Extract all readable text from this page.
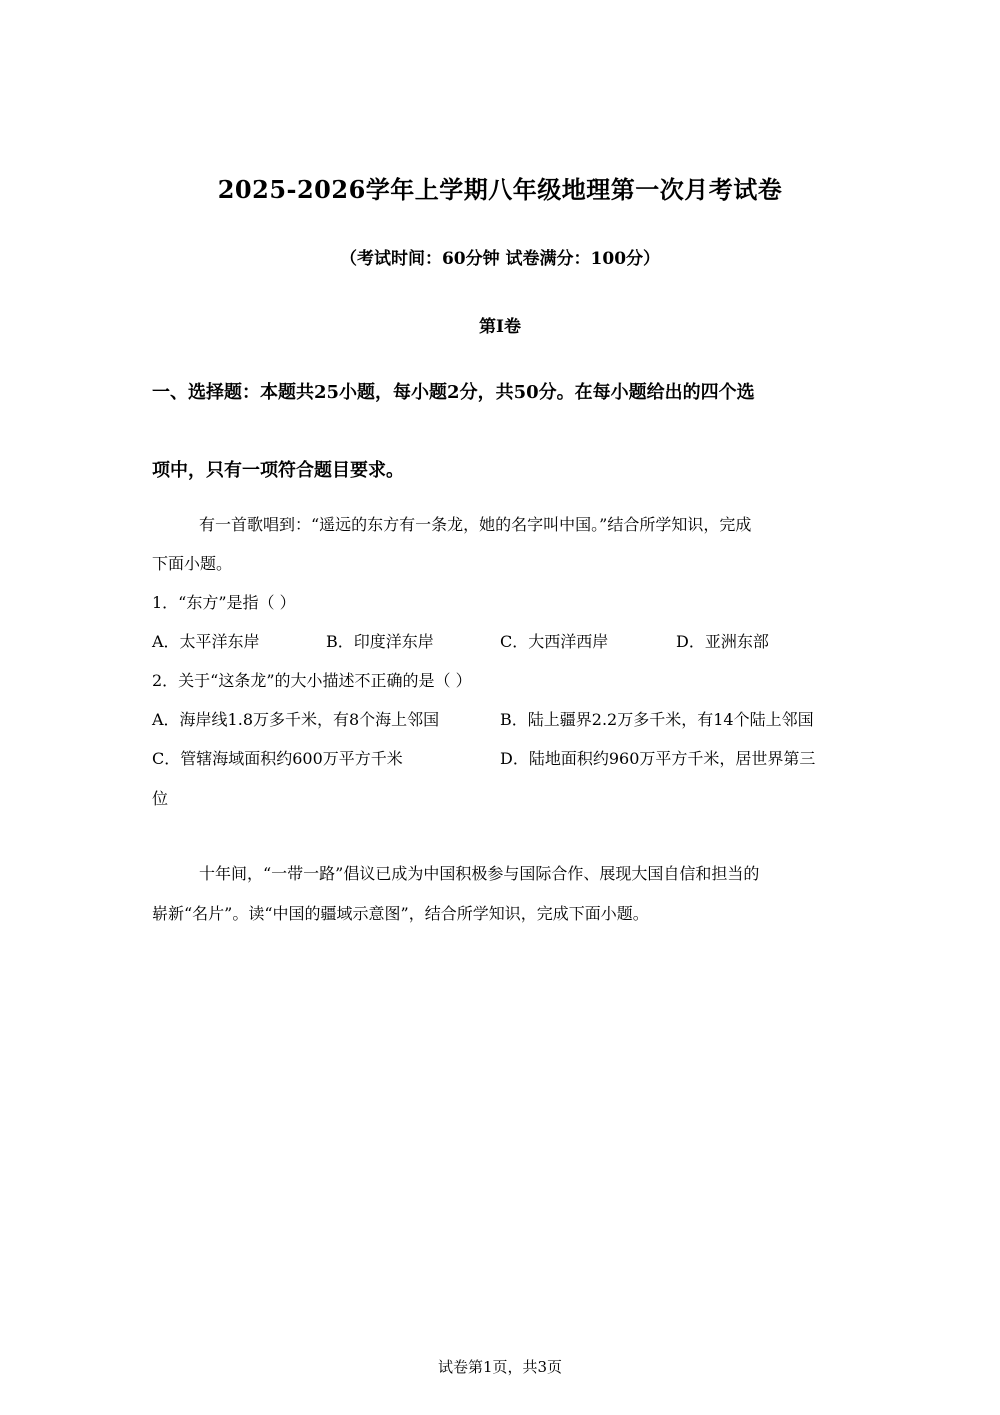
2025-2026学年上学期八年级地理第一次月考试卷
（考试时间：60分钟 试卷满分：100分）
第I卷
一、选择题：本题共25小题，每小题2分，共50分。在每小题给出的四个选
项中，只有一项符合题目要求。
有一首歌唱到：“遥远的东方有一条龙，她的名字叫中国。”结合所学知识，完成
下面小题。
1．“东方”是指（ ）
A．太平洋东岸	B．印度洋东岸	C．大西洋西岸	D．亚洲东部
2．关于“这条龙”的大小描述不正确的是（ ）
A．海岸线1.8万多千米，有8个海上邻国	B．陆上疆界2.2万多千米，有14个陆上邻国
C．管辖海域面积约600万平方千米	D．陆地面积约960万平方千米，居世界第三
位
十年间，“一带一路”倡议已成为中国积极参与国际合作、展现大国自信和担当的
崭新“名片”。读“中国的疆域示意图”，结合所学知识，完成下面小题。
试卷第1页，共3页
